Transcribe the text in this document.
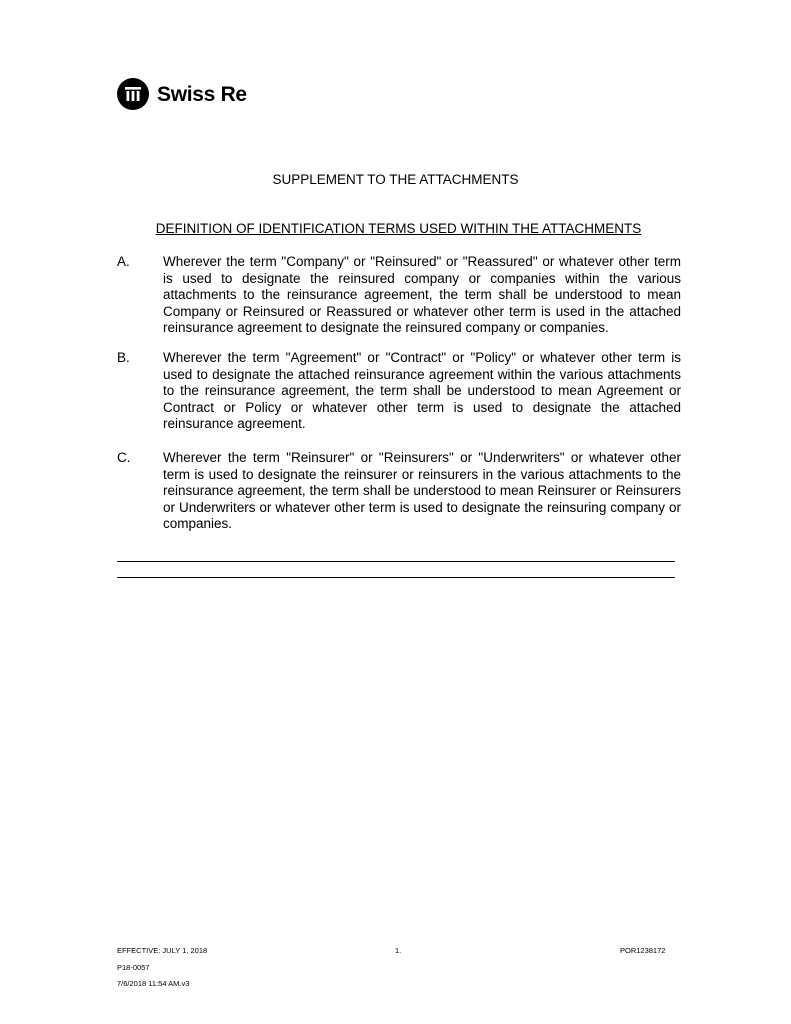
Swiss Re
SUPPLEMENT TO THE ATTACHMENTS
DEFINITION OF IDENTIFICATION TERMS USED WITHIN THE ATTACHMENTS
A.	Wherever the term "Company" or "Reinsured" or "Reassured" or whatever other term is used to designate the reinsured company or companies within the various attachments to the reinsurance agreement, the term shall be understood to mean Company or Reinsured or Reassured or whatever other term is used in the attached reinsurance agreement to designate the reinsured company or companies.
B.	Wherever the term "Agreement" or "Contract" or "Policy" or whatever other term is used to designate the attached reinsurance agreement within the various attachments to the reinsurance agreement, the term shall be understood to mean Agreement or Contract or Policy or whatever other term is used to designate the attached reinsurance agreement.
C.	Wherever the term "Reinsurer" or "Reinsurers" or "Underwriters" or whatever other term is used to designate the reinsurer or reinsurers in the various attachments to the reinsurance agreement, the term shall be understood to mean Reinsurer or Reinsurers or Underwriters or whatever other term is used to designate the reinsuring company or companies.
EFFECTIVE: JULY 1, 2018	1.	POR1238172
P18-0057
7/6/2018 11:54 AM.v3
